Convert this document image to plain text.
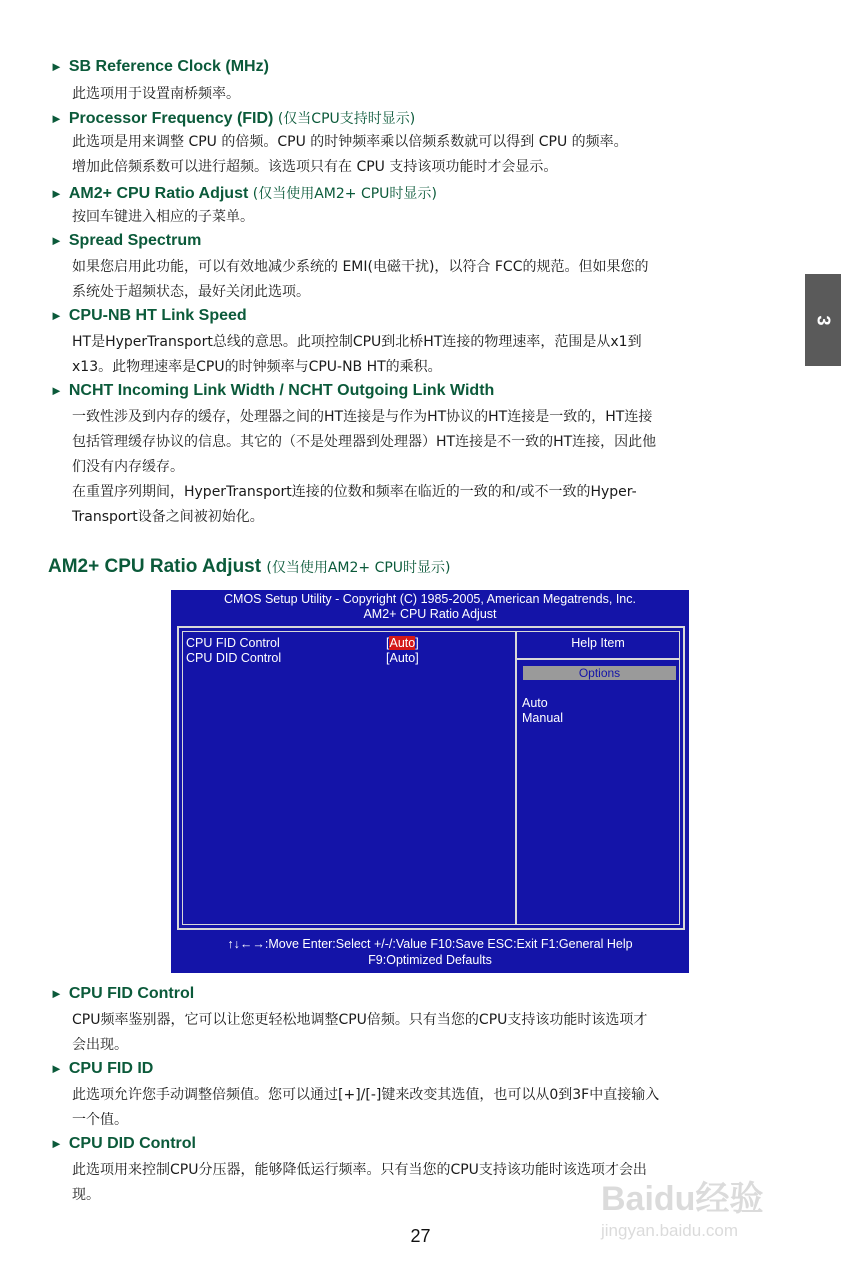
► SB Reference Clock (MHz)
此选项用于设置南桥频率。
► Processor Frequency (FID) (仅当CPU支持时显示)
此选项是用来调整 CPU 的倍频。CPU 的时钟频率乘以倍频系数就可以得到 CPU 的频率。
增加此倍频系数可以进行超频。该选项只有在 CPU 支持该项功能时才会显示。
► AM2+ CPU Ratio Adjust (仅当使用AM2+ CPU时显示)
按回车键进入相应的子菜单。
► Spread Spectrum
如果您启用此功能，可以有效地减少系统的 EMI(电磁干扰)，以符合 FCC的规范。但如果您的
系统处于超频状态，最好关闭此选项。
► CPU-NB HT Link Speed
HT是HyperTransport总线的意思。此项控制CPU到北桥HT连接的物理速率，范围是从x1到
x13。此物理速率是CPU的时钟频率与CPU-NB HT的乘积。
► NCHT Incoming Link Width / NCHT Outgoing Link Width
一致性涉及到内存的缓存，处理器之间的HT连接是与作为HT协议的HT连接是一致的，HT连接
包括管理缓存协议的信息。其它的（不是处理器到处理器）HT连接是不一致的HT连接，因此他
们没有内存缓存。
在重置序列期间，HyperTransport连接的位数和频率在临近的一致的和/或不一致的Hyper-
Transport设备之间被初始化。
AM2+ CPU Ratio Adjust (仅当使用AM2+ CPU时显示)
3
CMOS Setup Utility - Copyright (C) 1985-2005, American Megatrends, Inc.
AM2+ CPU Ratio Adjust
CPU FID Control	[Auto]
CPU DID Control	[Auto]
Help Item
Options
Auto
Manual
↑↓←→:Move Enter:Select +/-/:Value F10:Save ESC:Exit F1:General Help
F9:Optimized Defaults
► CPU FID Control
CPU频率鉴别器，它可以让您更轻松地调整CPU倍频。只有当您的CPU支持该功能时该选项才
会出现。
► CPU FID ID
此选项允许您手动调整倍频值。您可以通过[+]/[-]键来改变其选值，也可以从0到3F中直接输入
一个值。
► CPU DID Control
此选项用来控制CPU分压器，能够降低运行频率。只有当您的CPU支持该功能时该选项才会出
现。	Baidu经验
jingyan.baidu.com
27
